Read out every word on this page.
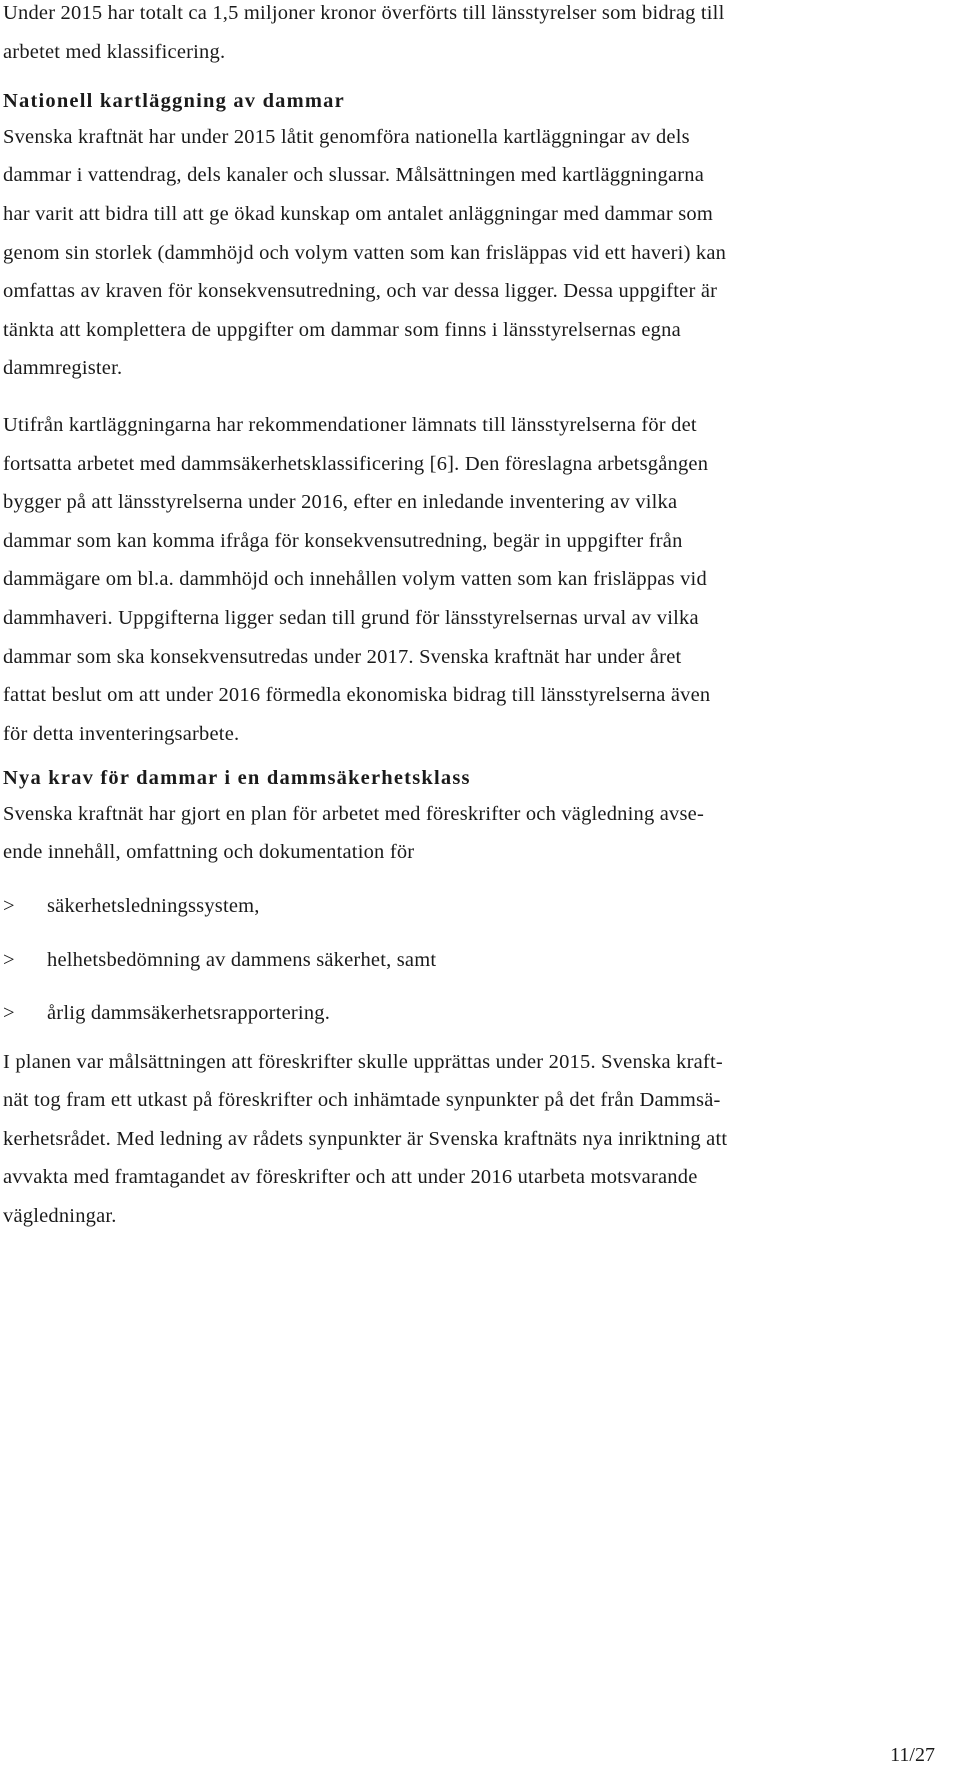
Under 2015 har totalt ca 1,5 miljoner kronor överförts till länsstyrelser som bidrag till
arbetet med klassificering.

Nationell kartläggning av dammar

Svenska kraftnät har under 2015 låtit genomföra nationella kartläggningar av dels
dammar i vattendrag, dels kanaler och slussar. Målsättningen med kartläggningarna
har varit att bidra till att ge ökad kunskap om antalet anläggningar med dammar som
genom sin storlek (dammhöjd och volym vatten som kan frisläppas vid ett haveri) kan
omfattas av kraven för konsekvensutredning, och var dessa ligger. Dessa uppgifter är
tänkta att komplettera de uppgifter om dammar som finns i länsstyrelsernas egna
dammregister.

Utifrån kartläggningarna har rekommendationer lämnats till länsstyrelserna för det
fortsatta arbetet med dammsäkerhetsklassificering [6]. Den föreslagna arbetsgången
bygger på att länsstyrelserna under 2016, efter en inledande inventering av vilka
dammar som kan komma ifråga för konsekvensutredning, begär in uppgifter från
dammägare om bl.a. dammhöjd och innehållen volym vatten som kan frisläppas vid
dammhaveri. Uppgifterna ligger sedan till grund för länsstyrelsernas urval av vilka
dammar som ska konsekvensutredas under 2017. Svenska kraftnät har under året
fattat beslut om att under 2016 förmedla ekonomiska bidrag till länsstyrelserna även
för detta inventeringsarbete.

Nya krav för dammar i en dammsäkerhetsklass

Svenska kraftnät har gjort en plan för arbetet med föreskrifter och vägledning avse-
ende innehåll, omfattning och dokumentation för

>	säkerhetsledningssystem,
>	helhetsbedömning av dammens säkerhet, samt
>	årlig dammsäkerhetsrapportering.

I planen var målsättningen att föreskrifter skulle upprättas under 2015. Svenska kraft-
nät tog fram ett utkast på föreskrifter och inhämtade synpunkter på det från Dammsä-
kerhetsrådet. Med ledning av rådets synpunkter är Svenska kraftnäts nya inriktning att
avvakta med framtagandet av föreskrifter och att under 2016 utarbeta motsvarande
vägledningar.

11/27
